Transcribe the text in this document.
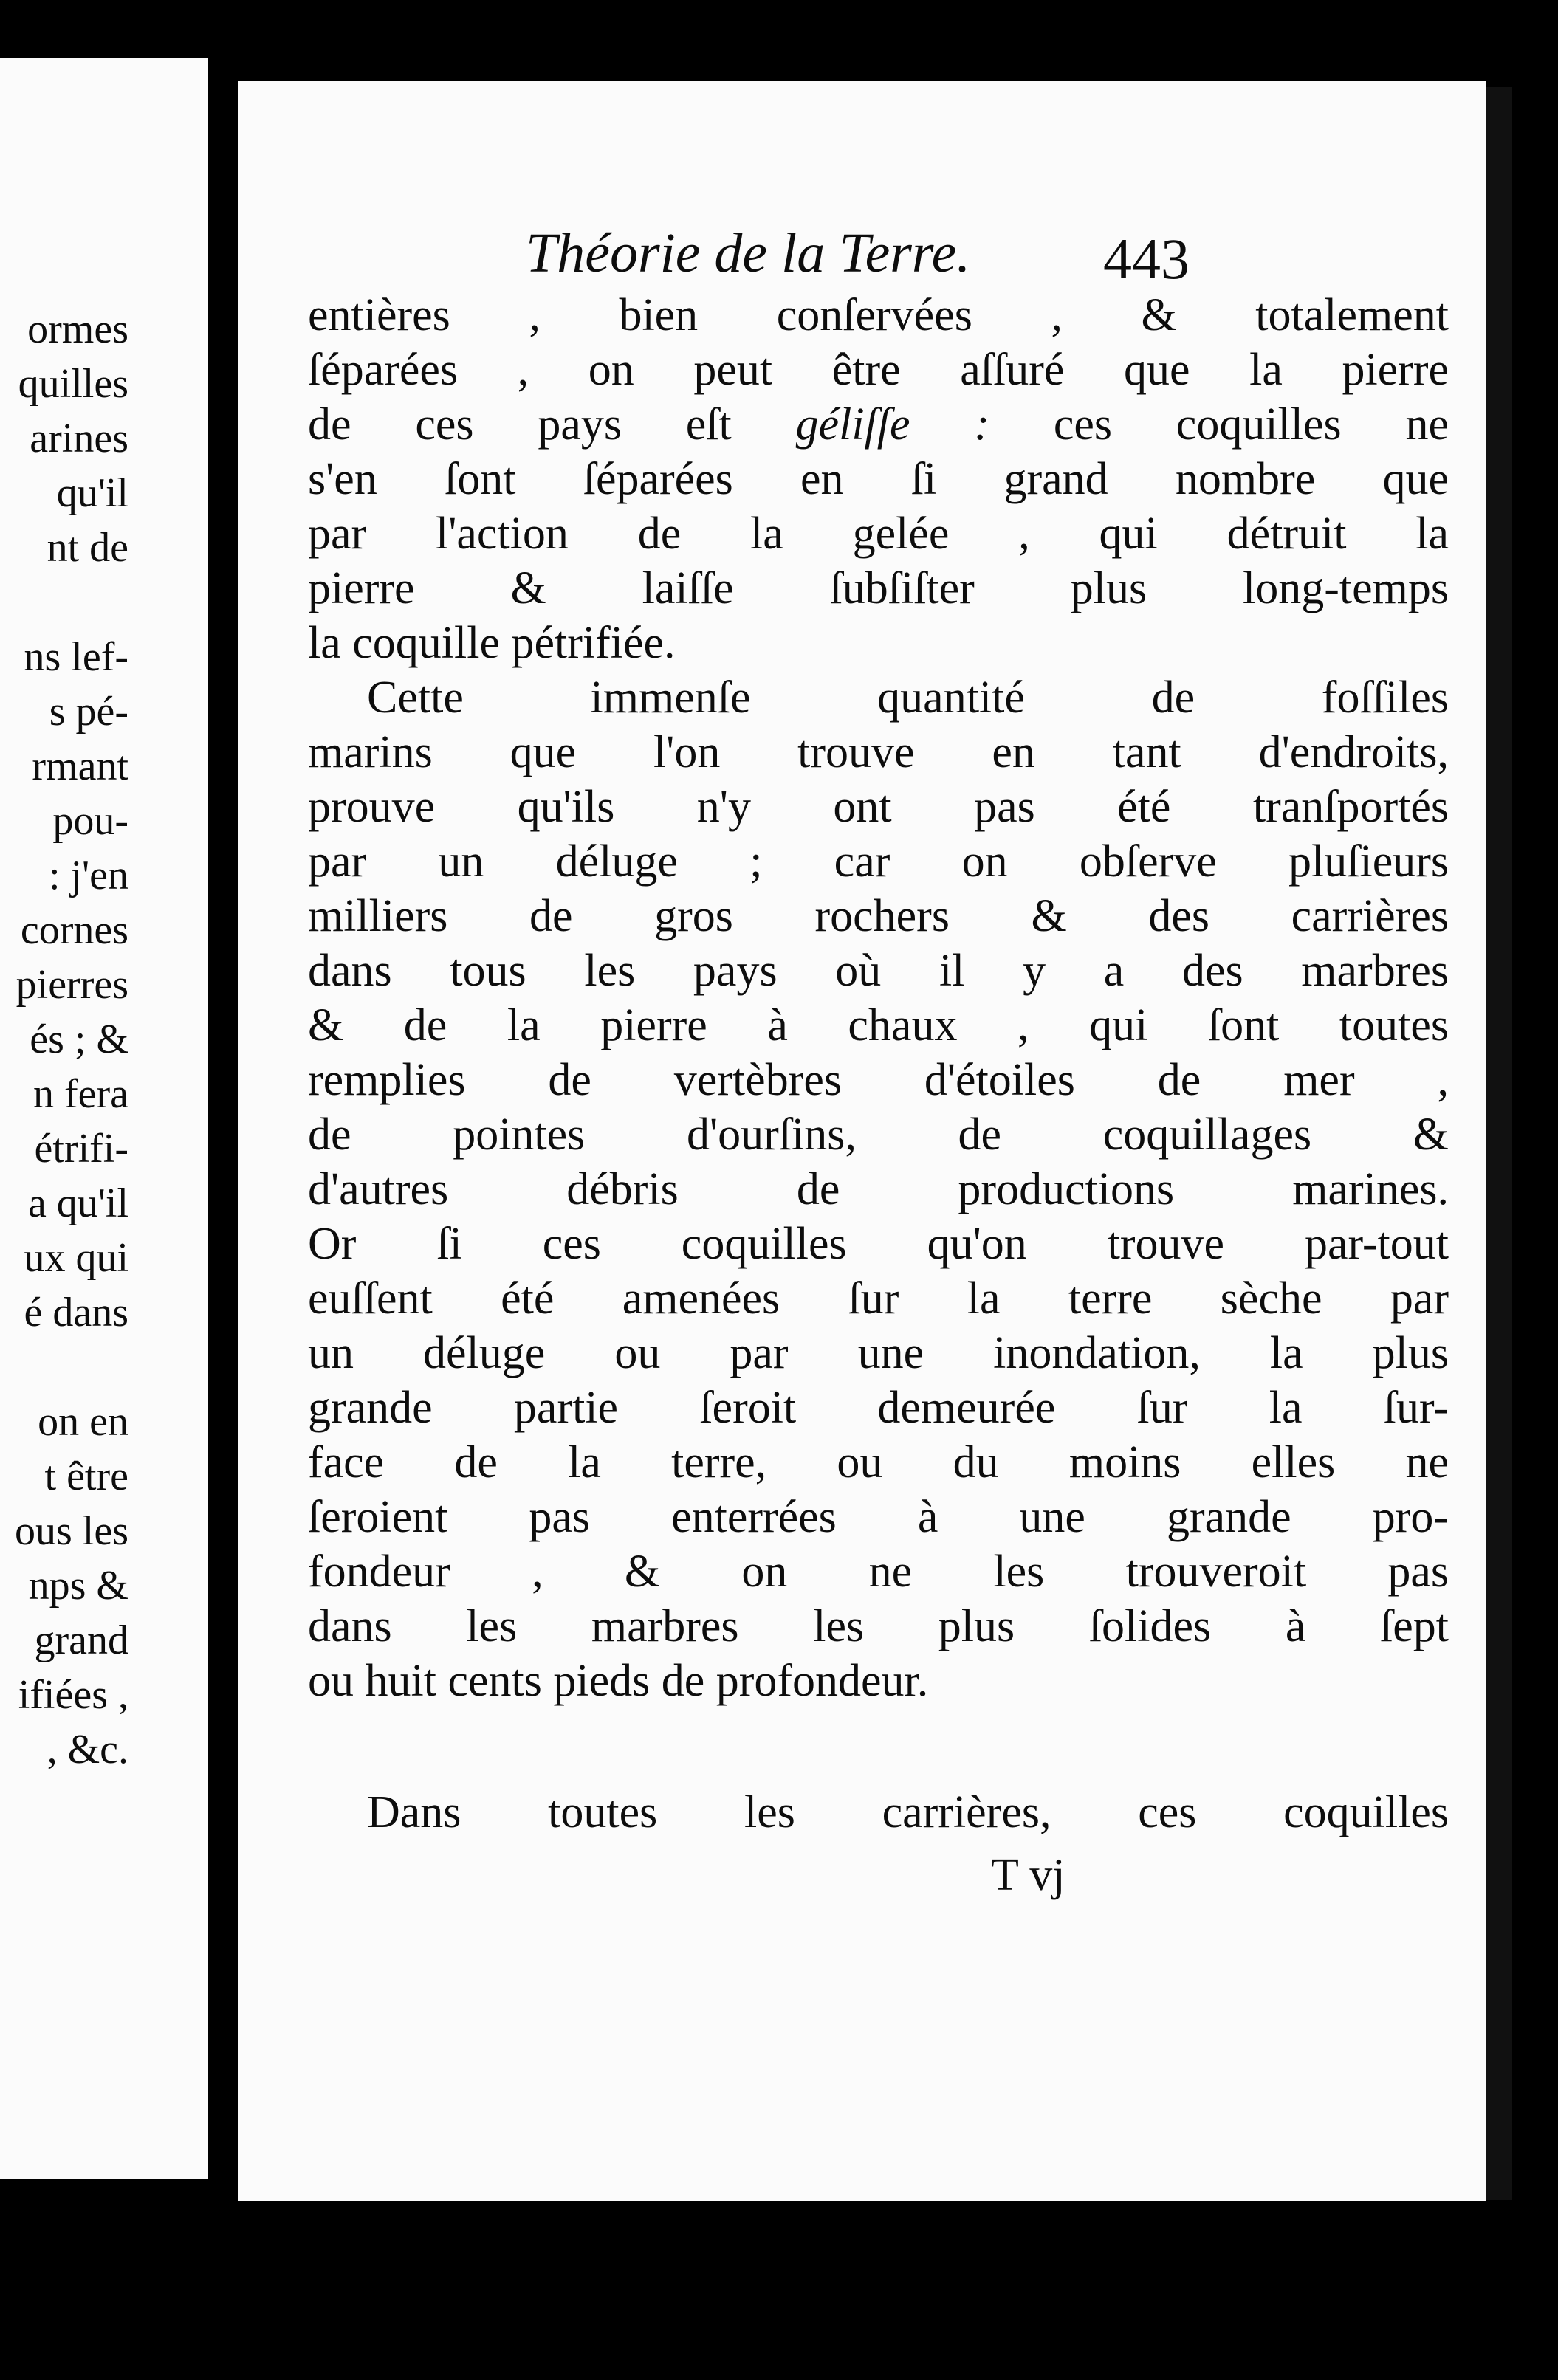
ormes
quilles
arines
qu'il
nt de
ns lef-
s pé-
rmant
pou-
: j'en
cornes
pierres
és ; &
n fera
étrifi-
a qu'il
ux qui
é dans
on en
t être
ous les
nps &
grand
ifiées ,
, &c.
Théorie de la Terre. 443
entières , bien conſervées , & totalement
ſéparées , on peut être aſſuré que la pierre
de ces pays eſt géliſſe : ces coquilles ne
s'en ſont ſéparées en ſi grand nombre que
par l'action de la gelée , qui détruit la
pierre & laiſſe ſubſiſter plus long-temps
la coquille pétrifiée.
Cette immenſe quantité de foſſiles
marins que l'on trouve en tant d'endroits,
prouve qu'ils n'y ont pas été tranſportés
par un déluge ; car on obſerve pluſieurs
milliers de gros rochers & des carrières
dans tous les pays où il y a des marbres
& de la pierre à chaux , qui ſont toutes
remplies de vertèbres d'étoiles de mer ,
de pointes d'ourſins, de coquillages &
d'autres débris de productions marines.
Or ſi ces coquilles qu'on trouve par-tout
euſſent été amenées ſur la terre sèche par
un déluge ou par une inondation, la plus
grande partie ſeroit demeurée ſur la ſur-
face de la terre, ou du moins elles ne
ſeroient pas enterrées à une grande pro-
fondeur , & on ne les trouveroit pas
dans les marbres les plus ſolides à ſept
ou huit cents pieds de profondeur.
Dans toutes les carrières, ces coquilles
T vj
